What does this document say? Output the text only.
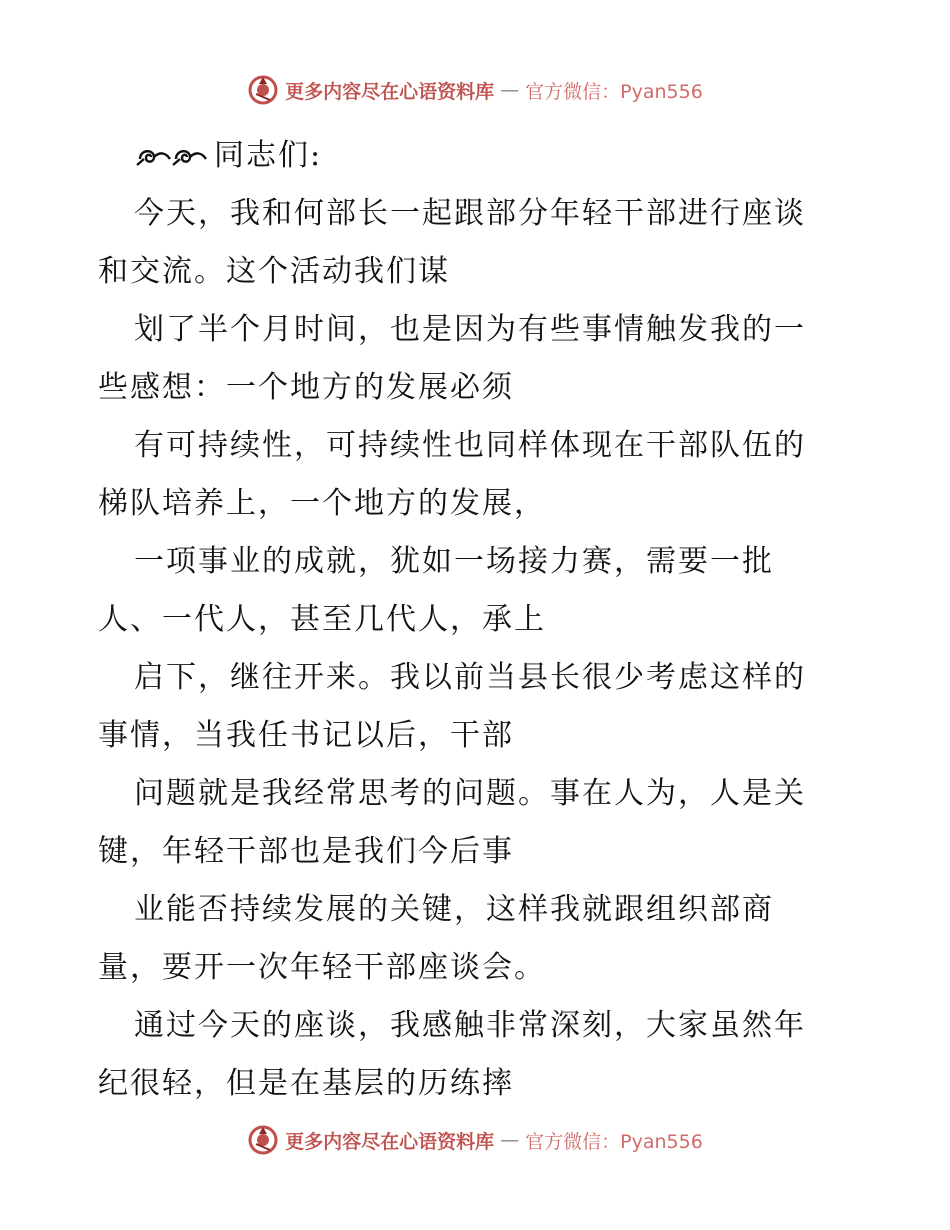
更多内容尽在心语资料库 — 官方微信：Pyan556

同志们:

今天，我和何部长一起跟部分年轻干部进行座谈

和交流。这个活动我们谋

划了半个月时间，也是因为有些事情触发我的一

些感想：一个地方的发展必须

有可持续性，可持续性也同样体现在干部队伍的

梯队培养上，一个地方的发展，

一项事业的成就，犹如一场接力赛，需要一批

人、一代人，甚至几代人，承上

启下，继往开来。我以前当县长很少考虑这样的

事情，当我任书记以后，干部

问题就是我经常思考的问题。事在人为，人是关

键，年轻干部也是我们今后事

业能否持续发展的关键，这样我就跟组织部商

量，要开一次年轻干部座谈会。

通过今天的座谈，我感触非常深刻，大家虽然年

纪很轻，但是在基层的历练摔

更多内容尽在心语资料库 — 官方微信：Pyan556
